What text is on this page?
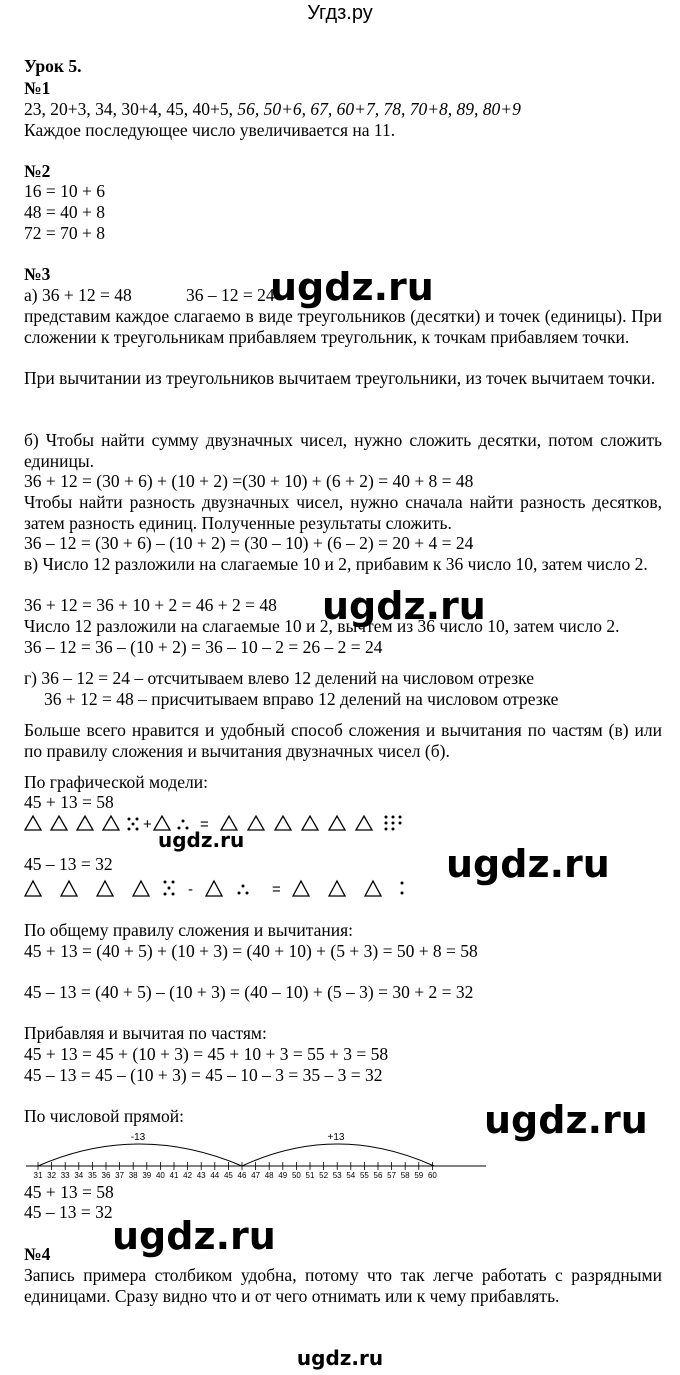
Угдз.ру
Урок 5.
№1
23, 20+3, 34, 30+4, 45, 40+5, 56, 50+6, 67, 60+7, 78, 70+8, 89, 80+9
Каждое последующее число увеличивается на 11.
№2
16 = 10 + 6
48 = 40 + 8
72 = 70 + 8
№3
а) 36 + 12 = 48	36 – 12 = 24
ugdz.ru
представим каждое слагаемо в виде треугольников (десятки) и точек (единицы). При сложении к треугольникам прибавляем треугольник, к точкам прибавляем точки.
При вычитании из треугольников вычитаем треугольники, из точек вычитаем точки.
б) Чтобы найти сумму двузначных чисел, нужно сложить десятки, потом сложить единицы.
36 + 12 = (30 + 6) + (10 + 2) =(30 + 10) + (6 + 2) = 40 + 8 = 48
Чтобы найти разность двузначных чисел, нужно сначала найти разность десятков, затем разность единиц. Полученные результаты сложить.
36 – 12 = (30 + 6) – (10 + 2) = (30 – 10) + (6 – 2) = 20 + 4 = 24
в) Число 12 разложили на слагаемые 10 и 2, прибавим к 36 число 10, затем число 2.
36 + 12 = 36 + 10 + 2 = 46 + 2 = 48 ugdz.ru
Число 12 разложили на слагаемые 10 и 2, вычтем из 36 число 10, затем число 2.
36 – 12 = 36 – (10 + 2) = 36 – 10 – 2 = 26 – 2 = 24
г) 36 – 12 = 24 – отсчитываем влево 12 делений на числовом отрезке
36 + 12 = 48 – присчитываем вправо 12 делений на числовом отрезке
Больше всего нравится и удобный способ сложения и вычитания по частям (в) или по правилу сложения и вычитания двузначных чисел (б).
По графической модели:
45 + 13 = 58
+	=
ugdz.ru
ugdz.ru
45 – 13 = 32
-	=
По общему правилу сложения и вычитания:
45 + 13 = (40 + 5) + (10 + 3) = (40 + 10) + (5 + 3) = 50 + 8 = 58
45 – 13 = (40 + 5) – (10 + 3) = (40 – 10) + (5 – 3) = 30 + 2 = 32
Прибавляя и вычитая по частям:
45 + 13 = 45 + (10 + 3) = 45 + 10 + 3 = 55 + 3 = 58
45 – 13 = 45 – (10 + 3) = 45 – 10 – 3 = 35 – 3 = 32
По числовой прямой:	ugdz.ru
-13	+13
31 32 33 34 35 36 37 38 39 40 41 42 43 44 45 46 47 48 49 50 51 52 53 54 55 56 57 58 59 60
45 + 13 = 58
45 – 13 = 32
ugdz.ru
№4
Запись примера столбиком удобна, потому что так легче работать с разрядными единицами. Сразу видно что и от чего отнимать или к чему прибавлять.
ugdz.ru
